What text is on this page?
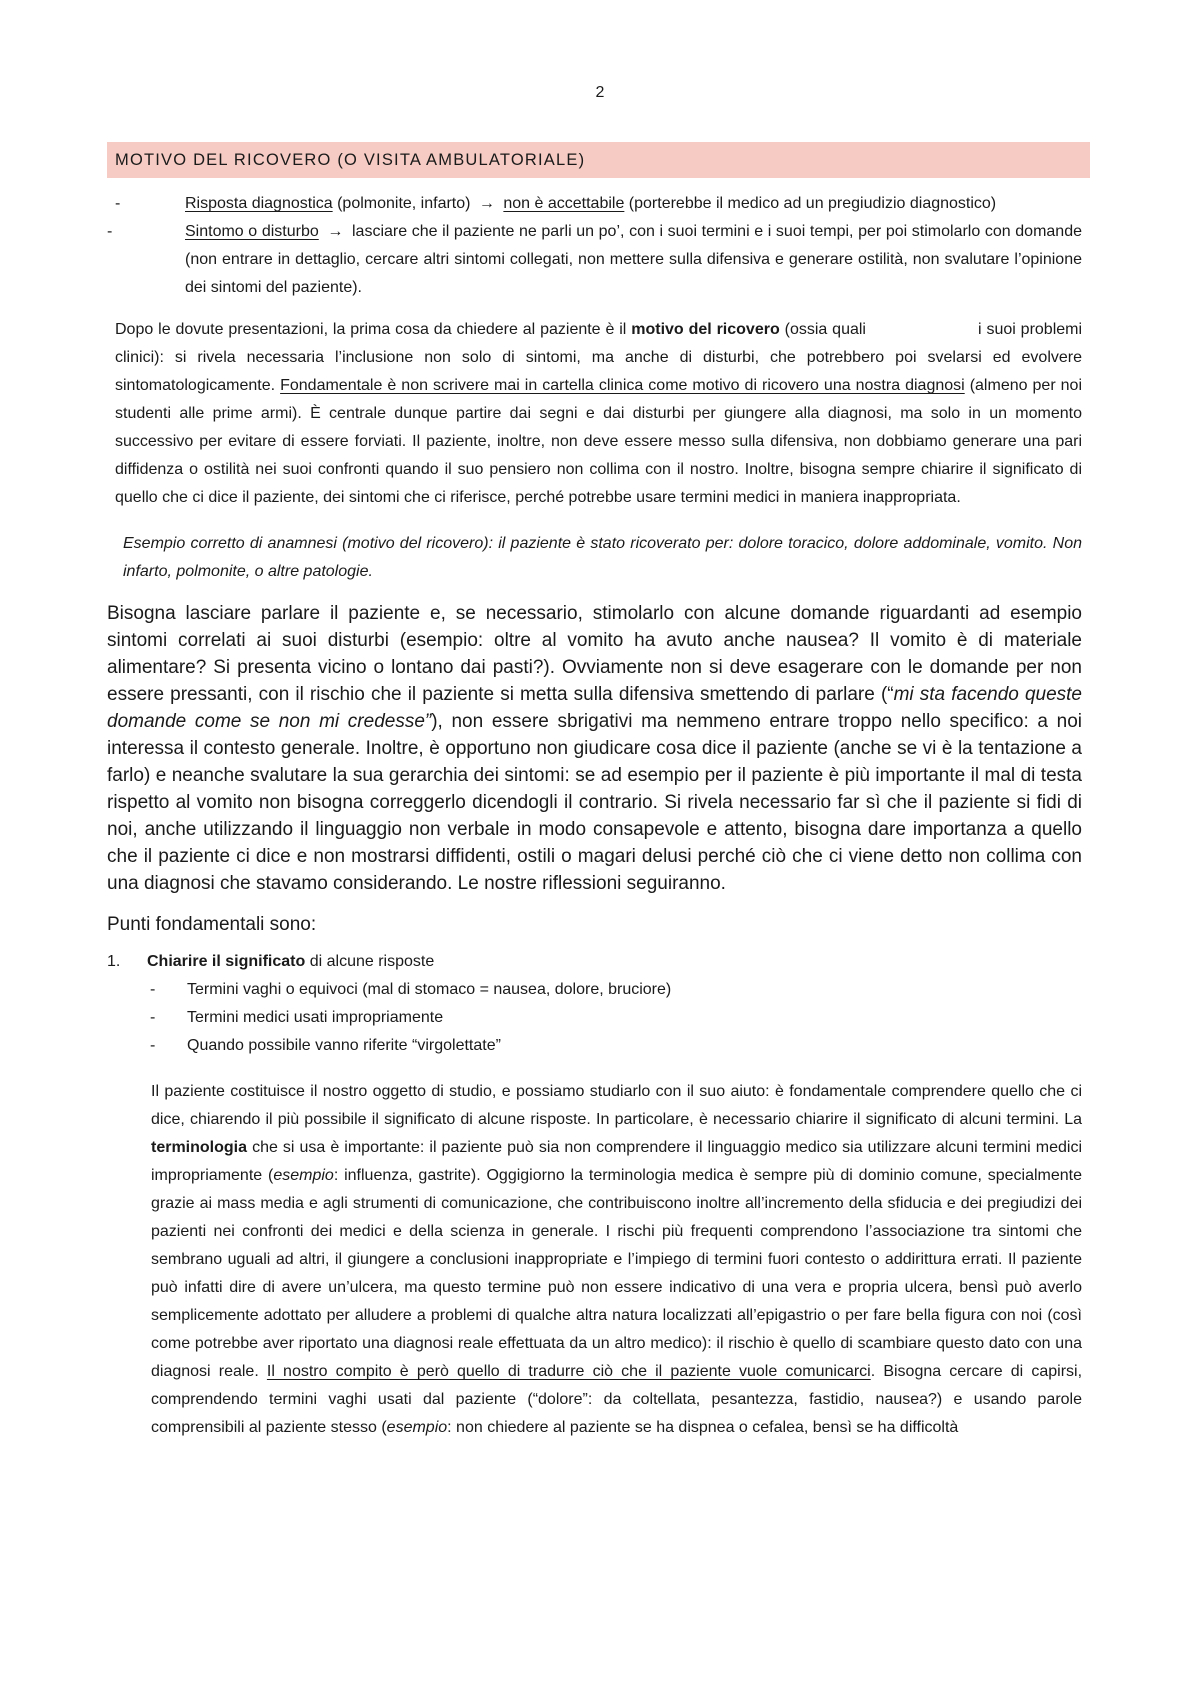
2
MOTIVO DEL RICOVERO (O VISITA AMBULATORIALE)

-	Risposta diagnostica (polmonite, infarto) → non è accettabile (porterebbe il medico ad un pregiudizio diagnostico)

-	Sintomo o disturbo → lasciare che il paziente ne parli un po’, con i suoi termini e i suoi tempi, per poi stimolarlo con domande (non entrare in dettaglio, cercare altri sintomi collegati, non mettere sulla difensiva e generare ostilità, non svalutare l’opinione dei sintomi del paziente).

Dopo le dovute presentazioni, la prima cosa da chiedere al paziente è il motivo del ricovero (ossia quali	i suoi problemi clinici): si rivela necessaria l’inclusione non solo di sintomi, ma anche di disturbi, che potrebbero poi svelarsi ed evolvere sintomatologicamente. Fondamentale è non scrivere mai in cartella clinica come motivo di ricovero una nostra diagnosi (almeno per noi studenti alle prime armi). È centrale dunque partire dai segni e dai disturbi per giungere alla diagnosi, ma solo in un momento successivo per evitare di essere forviati. Il paziente, inoltre, non deve essere messo sulla difensiva, non dobbiamo generare una pari diffidenza o ostilità nei suoi confronti quando il suo pensiero non collima con il nostro. Inoltre, bisogna sempre chiarire il significato di quello che ci dice il paziente, dei sintomi che ci riferisce, perché potrebbe usare termini medici in maniera inappropriata.

Esempio corretto di anamnesi (motivo del ricovero): il paziente è stato ricoverato per: dolore toracico, dolore addominale, vomito. Non infarto, polmonite, o altre patologie.

Bisogna lasciare parlare il paziente e, se necessario, stimolarlo con alcune domande riguardanti ad esempio sintomi correlati ai suoi disturbi (esempio: oltre al vomito ha avuto anche nausea? Il vomito è di materiale alimentare? Si presenta vicino o lontano dai pasti?). Ovviamente non si deve esagerare con le domande per non essere pressanti, con il rischio che il paziente si metta sulla difensiva smettendo di parlare (“mi sta facendo queste domande come se non mi credesse”), non essere sbrigativi ma nemmeno entrare troppo nello specifico: a noi interessa il contesto generale. Inoltre, è opportuno non giudicare cosa dice il paziente (anche se vi è la tentazione a farlo) e neanche svalutare la sua gerarchia dei sintomi: se ad esempio per il paziente è più importante il mal di testa rispetto al vomito non bisogna correggerlo dicendogli il contrario. Si rivela necessario far sì che il paziente si fidi di noi, anche utilizzando il linguaggio non verbale in modo consapevole e attento, bisogna dare importanza a quello che il paziente ci dice e non mostrarsi diffidenti, ostili o magari delusi perché ciò che ci viene detto non collima con una diagnosi che stavamo considerando. Le nostre riflessioni seguiranno.

Punti fondamentali sono:

1. Chiarire il significato di alcune risposte
- Termini vaghi o equivoci (mal di stomaco = nausea, dolore, bruciore)
- Termini medici usati impropriamente
- Quando possibile vanno riferite “virgolettate”

Il paziente costituisce il nostro oggetto di studio, e possiamo studiarlo con il suo aiuto: è fondamentale comprendere quello che ci dice, chiarendo il più possibile il significato di alcune risposte. In particolare, è necessario chiarire il significato di alcuni termini. La terminologia che si usa è importante: il paziente può sia non comprendere il linguaggio medico sia utilizzare alcuni termini medici impropriamente (esempio: influenza, gastrite). Oggigiorno la terminologia medica è sempre più di dominio comune, specialmente grazie ai mass media e agli strumenti di comunicazione, che contribuiscono inoltre all’incremento della sfiducia e dei pregiudizi dei pazienti nei confronti dei medici e della scienza in generale. I rischi più frequenti comprendono l’associazione tra sintomi che sembrano uguali ad altri, il giungere a conclusioni inappropriate e l’impiego di termini fuori contesto o addirittura errati. Il paziente può infatti dire di avere un’ulcera, ma questo termine può non essere indicativo di una vera e propria ulcera, bensì può averlo semplicemente adottato per alludere a problemi di qualche altra natura localizzati all’epigastrio o per fare bella figura con noi (così come potrebbe aver riportato una diagnosi reale effettuata da un altro medico): il rischio è quello di scambiare questo dato con una diagnosi reale. Il nostro compito è però quello di tradurre ciò che il paziente vuole comunicarci. Bisogna cercare di capirsi, comprendendo termini vaghi usati dal paziente (“dolore”: da coltellata, pesantezza, fastidio, nausea?) e usando parole comprensibili al paziente stesso (esempio: non chiedere al paziente se ha dispnea o cefalea, bensì se ha difficoltà
